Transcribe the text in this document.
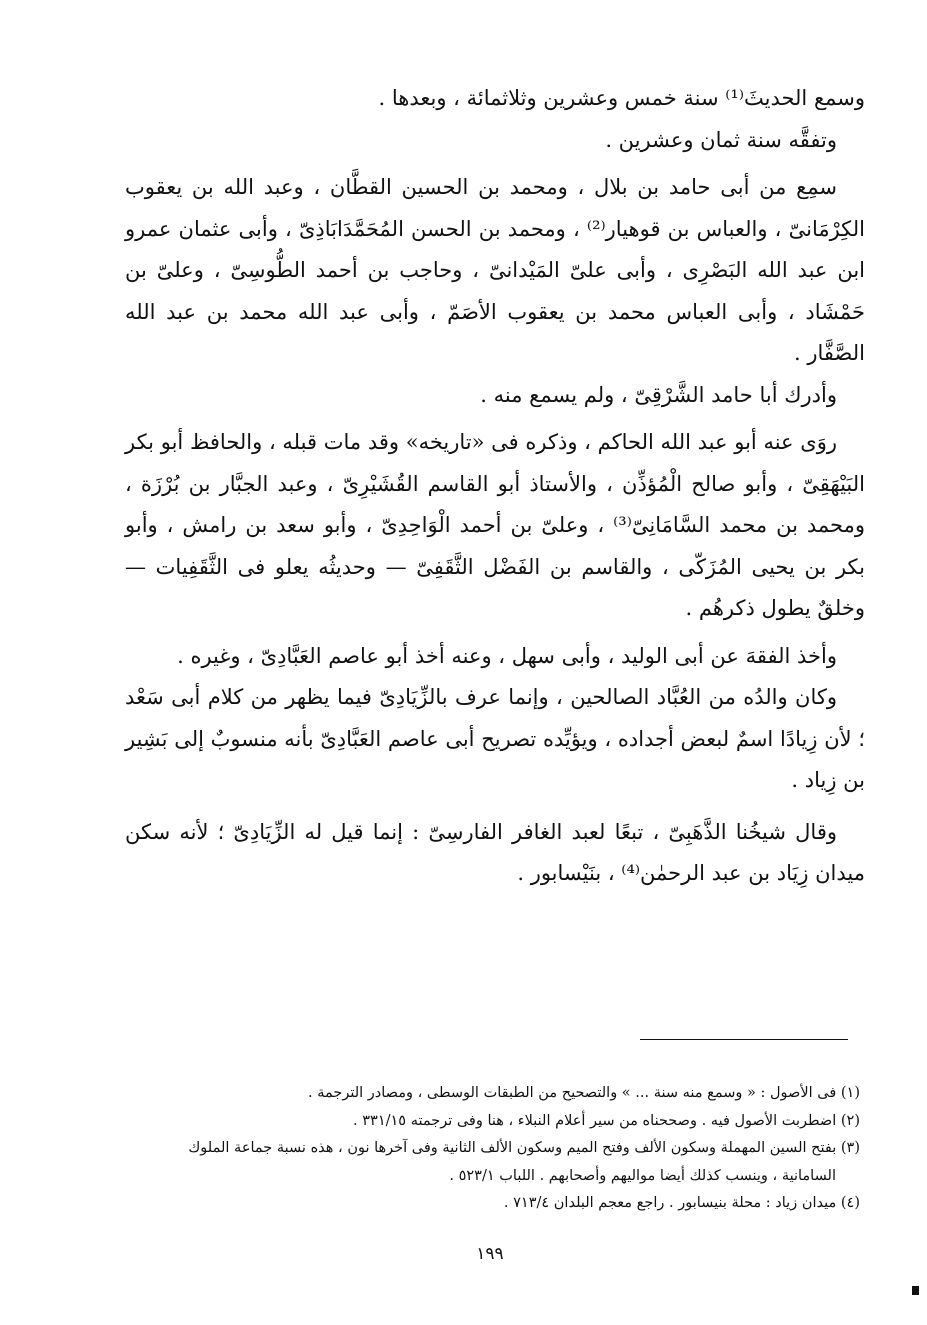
وسمع الحديثَ⁽¹⁾ سنة خمس وعشرين وثلاثمائة ، وبعدها .

وتفقَّه سنة ثمان وعشرين .

سمِع من أبى حامد بن بلال ، ومحمد بن الحسين القطَّان ، وعبد الله بن يعقوب الكِرْمَانىّ ، والعباس بن قوهيار⁽²⁾ ، ومحمد بن الحسن المُحَمَّدَابَاذِىّ ، وأبى عثمان عمرو ابن عبد الله البَصْرِى ، وأبى علىّ المَيْدانىّ ، وحاجب بن أحمد الطُّوسِىّ ، وعلىّ بن حَمْشَاد ، وأبى العباس محمد بن يعقوب الأصَمّ ، وأبى عبد الله محمد بن عبد الله الصَّفَّار .

وأدرك أبا حامد الشَّرْقِىّ ، ولم يسمع منه .

روَى عنه أبو عبد الله الحاكم ، وذكره فى «تاريخه» وقد مات قبله ، والحافظ أبو بكر البَيْهَقِىّ ، وأبو صالح الْمُؤذِّن ، والأستاذ أبو القاسم القُشَيْرِىّ ، وعبد الجبَّار بن بُرْزَة ، ومحمد بن محمد السَّامَانِىّ⁽³⁾ ، وعلىّ بن أحمد الْوَاحِدِىّ ، وأبو سعد بن رامش ، وأبو بكر بن يحيى المُزَكّى ، والقاسم بن الفَضْل الثَّقَفِىّ — وحديثُه يعلو فى الثَّقَفِيات — وخلقٌ يطول ذكرهُم .

وأخذ الفقهَ عن أبى الوليد ، وأبى سهل ، وعنه أخذ أبو عاصم العَبَّادِىّ ، وغيره .

وكان والدُه من العُبَّاد الصالحين ، وإنما عرف بالزِّيَادِىّ فيما يظهر من كلام أبى سَعْد ؛ لأن زِيادًا اسمٌ لبعض أجداده ، ويؤيِّده تصريح أبى عاصم العَبَّادِىّ بأنه منسوبٌ إلى بَشِير بن زِياد .

وقال شيخُنا الذَّهَبِىّ ، تبعًا لعبد الغافر الفارسِىّ : إنما قيل له الزِّيَادِىّ ؛ لأنه سكن ميدان زِيَاد بن عبد الرحمٰن⁽⁴⁾ ، بنَيْسابور .

(١) فى الأصول : « وسمع منه سنة ... » والتصحيح من الطبقات الوسطى ، ومصادر الترجمة .

(٢) اضطربت الأصول فيه . وصححناه من سير أعلام النبلاء ، هنا وفى ترجمته ٣٣١/١٥ .

(٣) بفتح السين المهملة وسكون الألف وفتح الميم وسكون الألف الثانية وفى آخرها نون ، هذه نسبة جماعة الملوك

السامانية ، وينسب كذلك أيضا مواليهم وأصحابهم . اللباب ٥٢٣/١ .

(٤) ميدان زياد : محلة بنيسابور . راجع معجم البلدان ٧١٣/٤ .

١٩٩
